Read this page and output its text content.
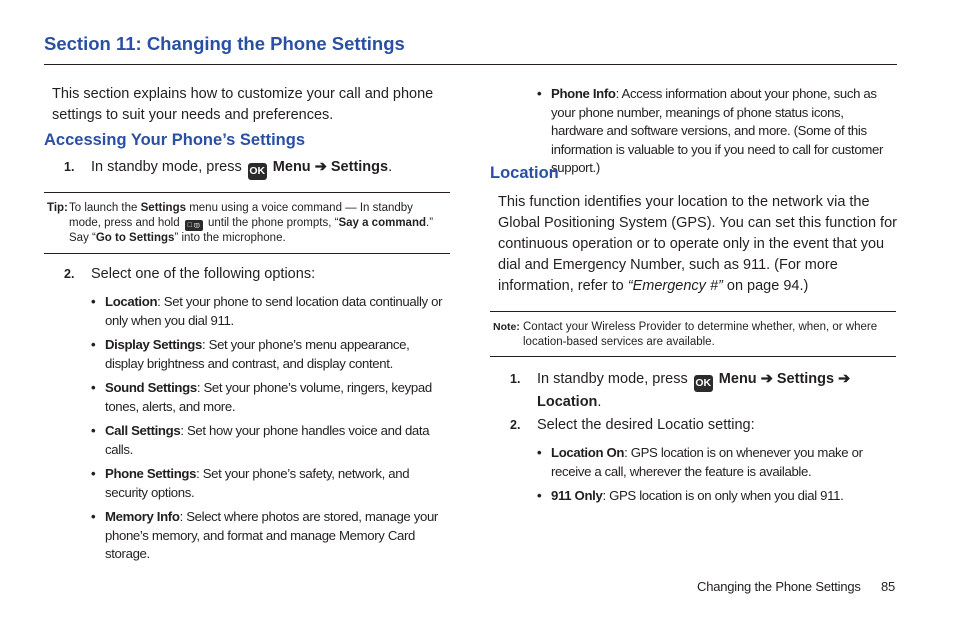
Section 11: Changing the Phone Settings
This section explains how to customize your call and phone settings to suit your needs and preferences.
Accessing Your Phone’s Settings
1. In standby mode, press OK Menu ➔ Settings.
Tip: To launch the Settings menu using a voice command — In standby mode, press and hold □ m̲ until the phone prompts, “Say a command.” Say “Go to Settings” into the microphone.
2. Select one of the following options:
• Location: Set your phone to send location data continually or only when you dial 911.
• Display Settings: Set your phone’s menu appearance, display brightness and contrast, and display content.
• Sound Settings: Set your phone’s volume, ringers, keypad tones, alerts, and more.
• Call Settings: Set how your phone handles voice and data calls.
• Phone Settings: Set your phone’s safety, network, and security options.
• Memory Info: Select where photos are stored, manage your phone’s memory, and format and manage Memory Card storage.
• Phone Info: Access information about your phone, such as your phone number, meanings of phone status icons, hardware and software versions, and more. (Some of this information is valuable to you if you need to call for customer support.)
Location
This function identifies your location to the network via the Global Positioning System (GPS). You can set this function for continuous operation or to operate only in the event that you dial and Emergency Number, such as 911. (For more information, refer to “Emergency #” on page 94.)
Note: Contact your Wireless Provider to determine whether, when, or where location-based services are available.
1. In standby mode, press OK Menu ➔ Settings ➔
Location.
2. Select the desired Locatio setting:
• Location On: GPS location is on whenever you make or receive a call, wherever the feature is available.
• 911 Only: GPS location is on only when you dial 911.
Changing the Phone Settings 85
